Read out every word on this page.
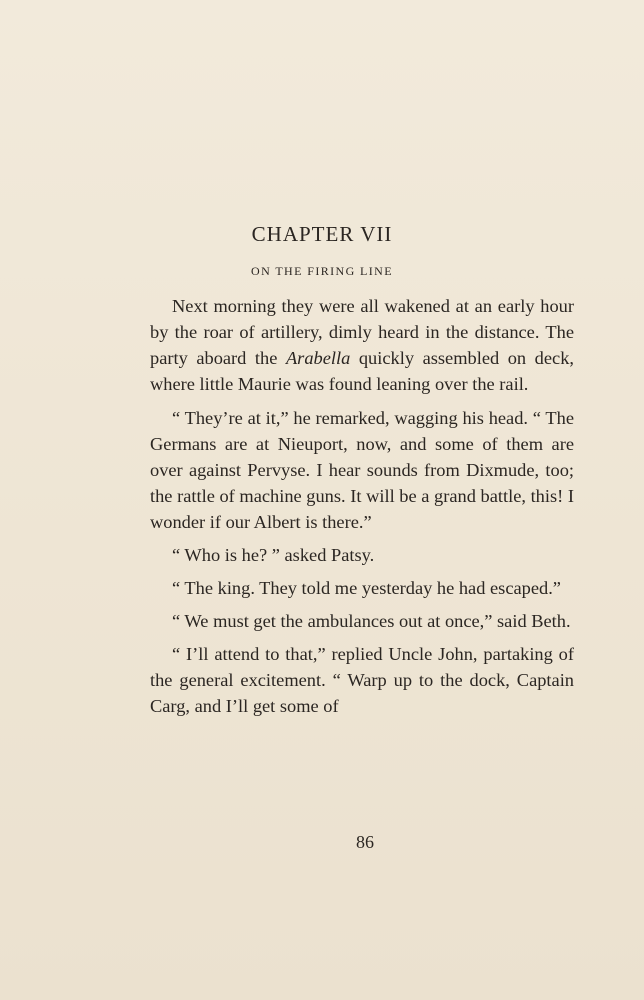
CHAPTER VII
ON THE FIRING LINE

Next morning they were all wakened at an early hour by the roar of artillery, dimly heard in the distance. The party aboard the Arabella quickly assembled on deck, where little Maurie was found leaning over the rail.

“ They’re at it,” he remarked, wagging his head. “ The Germans are at Nieuport, now, and some of them are over against Pervyse. I hear sounds from Dixmude, too; the rattle of machine guns. It will be a grand battle, this! I wonder if our Albert is there.”

“ Who is he? ” asked Patsy.

“ The king. They told me yesterday he had escaped.”

“ We must get the ambulances out at once,” said Beth.

“ I’ll attend to that,” replied Uncle John, partaking of the general excitement. “ Warp up to the dock, Captain Carg, and I’ll get some of

86
